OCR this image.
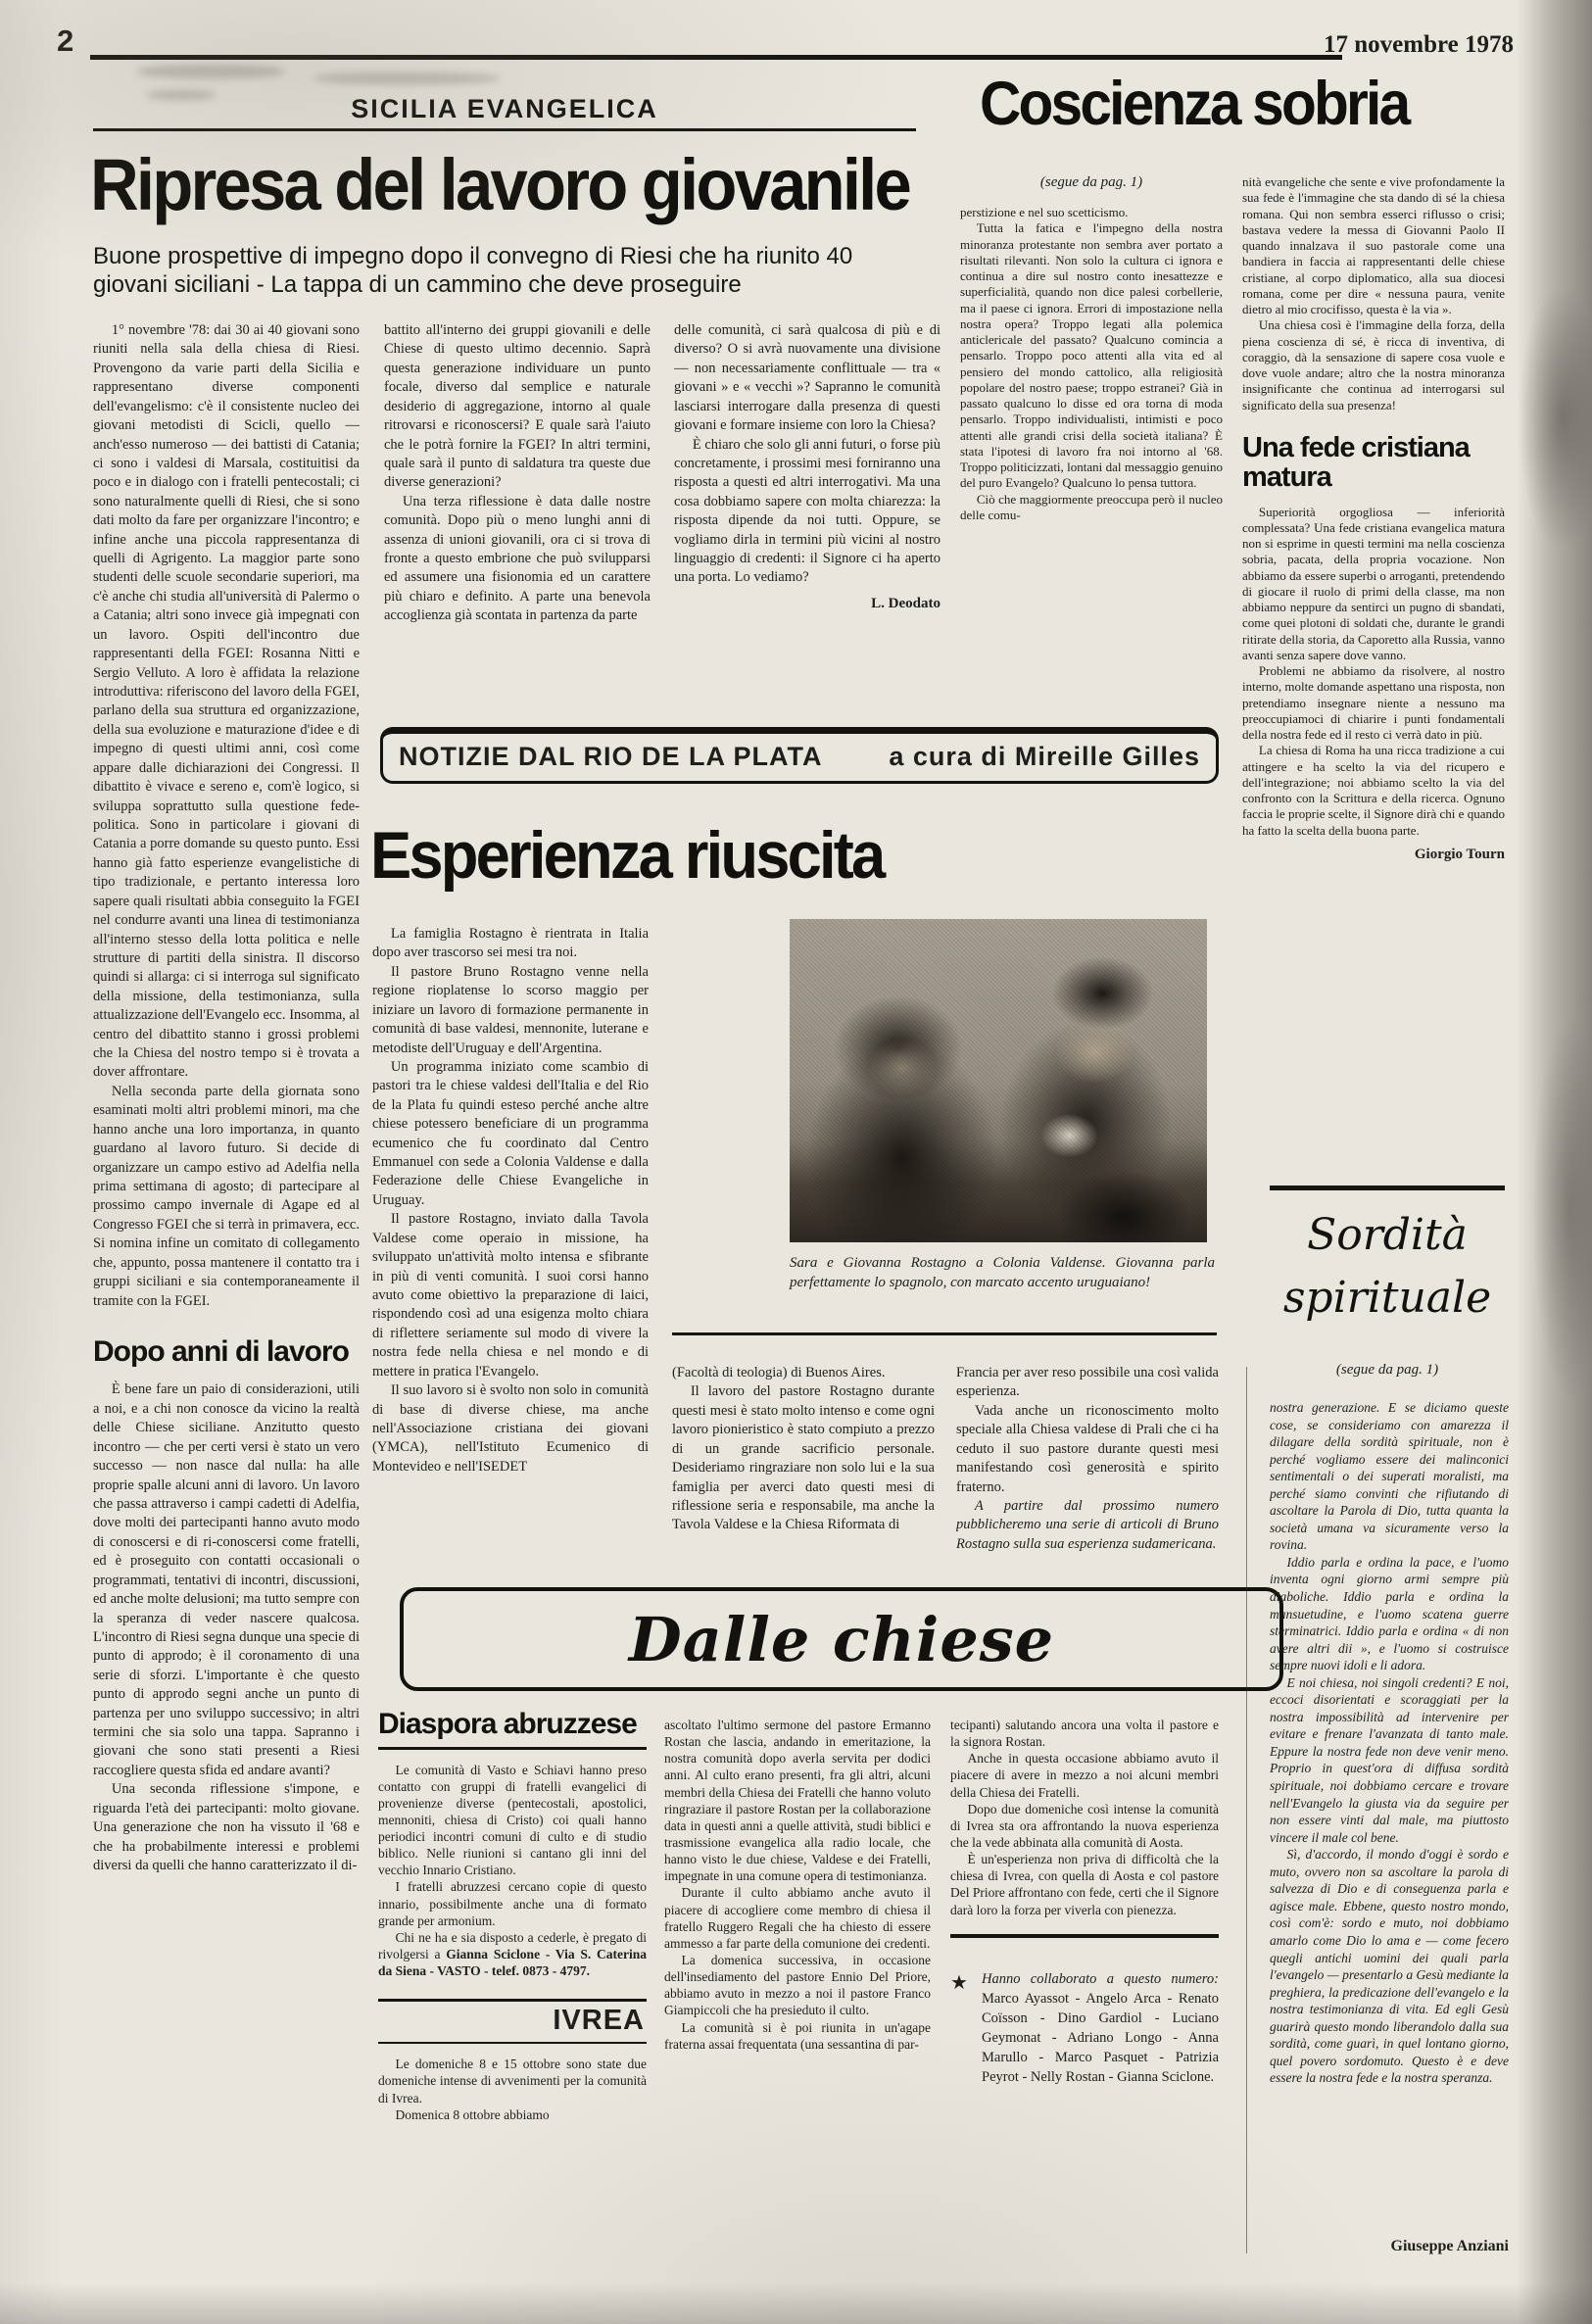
2	17 novembre 1978
SICILIA EVANGELICA
Ripresa del lavoro giovanile
Buone prospettive di impegno dopo il convegno di Riesi che ha riunito 40 giovani siciliani - La tappa di un cammino che deve proseguire

1° novembre '78: dai 30 ai 40 giovani sono riuniti nella sala della chiesa di Riesi. Provengono da varie parti della Sicilia e rappresentano diverse componenti dell'evangelismo: c'è il consistente nucleo dei giovani metodisti di Scicli, quello — anch'esso numeroso — dei battisti di Catania; ci sono i valdesi di Marsala, costituitisi da poco e in dialogo con i fratelli pentecostali; ci sono naturalmente quelli di Riesi, che si sono dati molto da fare per organizzare l'incontro; e infine anche una piccola rappresentanza di quelli di Agrigento. La maggior parte sono studenti delle scuole secondarie superiori, ma c'è anche chi studia all'università di Palermo o a Catania; altri sono invece già impegnati con un lavoro. Ospiti dell'incontro due rappresentanti della FGEI: Rosanna Nitti e Sergio Velluto. A loro è affidata la relazione introduttiva: riferiscono del lavoro della FGEI, parlano della sua struttura ed organizzazione, della sua evoluzione e maturazione d'idee e di impegno di questi ultimi anni, così come appare dalle dichiarazioni dei Congressi. Il dibattito è vivace e sereno e, com'è logico, si sviluppa soprattutto sulla questione fede-politica. Sono in particolare i giovani di Catania a porre domande su questo punto. Essi hanno già fatto esperienze evangelistiche di tipo tradizionale, e pertanto interessa loro sapere quali risultati abbia conseguito la FGEI nel condurre avanti una linea di testimonianza all'interno stesso della lotta politica e nelle strutture di partiti della sinistra. Il discorso quindi si allarga: ci si interroga sul significato della missione, della testimonianza, sulla attualizzazione dell'Evangelo ecc. Insomma, al centro del dibattito stanno i grossi problemi che la Chiesa del nostro tempo si è trovata a dover affrontare.

Nella seconda parte della giornata sono esaminati molti altri problemi minori, ma che hanno anche una loro importanza, in quanto guardano al lavoro futuro. Si decide di organizzare un campo estivo ad Adelfia nella prima settimana di agosto; di partecipare al prossimo campo invernale di Agape ed al Congresso FGEI che si terrà in primavera, ecc. Si nomina infine un comitato di collegamento che, appunto, possa mantenere il contatto tra i gruppi siciliani e sia contemporaneamente il tramite con la FGEI.

Dopo anni di lavoro

È bene fare un paio di considerazioni, utili a noi, e a chi non conosce da vicino la realtà delle Chiese siciliane. Anzitutto questo incontro — che per certi versi è stato un vero successo — non nasce dal nulla: ha alle proprie spalle alcuni anni di lavoro. Un lavoro che passa attraverso i campi cadetti di Adelfia, dove molti dei partecipanti hanno avuto modo di conoscersi e di ri-conoscersi come fratelli, ed è proseguito con contatti occasionali o programmati, tentativi di incontri, discussioni, ed anche molte delusioni; ma tutto sempre con la speranza di veder nascere qualcosa. L'incontro di Riesi segna dunque una specie di punto di approdo; è il coronamento di una serie di sforzi. L'importante è che questo punto di approdo segni anche un punto di partenza per uno sviluppo successivo; in altri termini che sia solo una tappa. Sapranno i giovani che sono stati presenti a Riesi raccogliere questa sfida ed andare avanti?

Una seconda riflessione s'impone, e riguarda l'età dei partecipanti: molto giovane. Una generazione che non ha vissuto il '68 e che ha probabilmente interessi e problemi diversi da quelli che hanno caratterizzato il di-

battito all'interno dei gruppi giovanili e delle Chiese di questo ultimo decennio. Saprà questa generazione individuare un punto focale, diverso dal semplice e naturale desiderio di aggregazione, intorno al quale ritrovarsi e riconoscersi? E quale sarà l'aiuto che le potrà fornire la FGEI? In altri termini, quale sarà il punto di saldatura tra queste due diverse generazioni?

Una terza riflessione è data dalle nostre comunità. Dopo più o meno lunghi anni di assenza di unioni giovanili, ora ci si trova di fronte a questo embrione che può svilupparsi ed assumere una fisionomia ed un carattere più chiaro e definito. A parte una benevola accoglienza già scontata in partenza da parte

delle comunità, ci sarà qualcosa di più e di diverso? O si avrà nuovamente una divisione — non necessariamente conflittuale — tra « giovani » e « vecchi »? Sapranno le comunità lasciarsi interrogare dalla presenza di questi giovani e formare insieme con loro la Chiesa?

È chiaro che solo gli anni futuri, o forse più concretamente, i prossimi mesi forniranno una risposta a questi ed altri interrogativi. Ma una cosa dobbiamo sapere con molta chiarezza: la risposta dipende da noi tutti. Oppure, se vogliamo dirla in termini più vicini al nostro linguaggio di credenti: il Signore ci ha aperto una porta. Lo vediamo?

L. Deodato
Coscienza sobria
(segue da pag. 1)

perstizione e nel suo scetticismo.

Tutta la fatica e l'impegno della nostra minoranza protestante non sembra aver portato a risultati rilevanti. Non solo la cultura ci ignora e continua a dire sul nostro conto inesattezze e superficialità, quando non dice palesi corbellerie, ma il paese ci ignora. Errori di impostazione nella nostra opera? Troppo legati alla polemica anticlericale del passato? Qualcuno comincia a pensarlo. Troppo poco attenti alla vita ed al pensiero del mondo cattolico, alla religiosità popolare del nostro paese; troppo estranei? Già in passato qualcuno lo disse ed ora torna di moda pensarlo. Troppo individualisti, intimisti e poco attenti alle grandi crisi della società italiana? È stata l'ipotesi di lavoro fra noi intorno al '68. Troppo politicizzati, lontani dal messaggio genuino del puro Evangelo? Qualcuno lo pensa tuttora.

Ciò che maggiormente preoccupa però il nucleo delle comu-

nità evangeliche che sente e vive profondamente la sua fede è l'immagine che sta dando di sé la chiesa romana. Qui non sembra esserci riflusso o crisi; bastava vedere la messa di Giovanni Paolo II quando innalzava il suo pastorale come una bandiera in faccia ai rappresentanti delle chiese cristiane, al corpo diplomatico, alla sua diocesi romana, come per dire « nessuna paura, venite dietro al mio crocifisso, questa è la via ».

Una chiesa così è l'immagine della forza, della piena coscienza di sé, è ricca di inventiva, di coraggio, dà la sensazione di sapere cosa vuole e dove vuole andare; altro che la nostra minoranza insignificante che continua ad interrogarsi sul significato della sua presenza!

Una fede cristiana matura

Superiorità orgogliosa — inferiorità complessata? Una fede cristiana evangelica matura non si esprime in questi termini ma nella coscienza sobria, pacata, della propria vocazione. Non abbiamo da essere superbi o arroganti, pretendendo di giocare il ruolo di primi della classe, ma non abbiamo neppure da sentirci un pugno di sbandati, come quei plotoni di soldati che, durante le grandi ritirate della storia, da Caporetto alla Russia, vanno avanti senza sapere dove vanno.

Problemi ne abbiamo da risolvere, al nostro interno, molte domande aspettano una risposta, non pretendiamo insegnare niente a nessuno ma preoccupiamoci di chiarire i punti fondamentali della nostra fede ed il resto ci verrà dato in più.

La chiesa di Roma ha una ricca tradizione a cui attingere e ha scelto la via del ricupero e dell'integrazione; noi abbiamo scelto la via del confronto con la Scrittura e della ricerca. Ognuno faccia le proprie scelte, il Signore dirà chi e quando ha fatto la scelta della buona parte.

Giorgio Tourn
NOTIZIE DAL RIO DE LA PLATA	a cura di Mireille Gilles
Esperienza riuscita

La famiglia Rostagno è rientrata in Italia dopo aver trascorso sei mesi tra noi.

Il pastore Bruno Rostagno venne nella regione rioplatense lo scorso maggio per iniziare un lavoro di formazione permanente in comunità di base valdesi, mennonite, luterane e metodiste dell'Uruguay e dell'Argentina.

Un programma iniziato come scambio di pastori tra le chiese valdesi dell'Italia e del Rio de la Plata fu quindi esteso perché anche altre chiese potessero beneficiare di un programma ecumenico che fu coordinato dal Centro Emmanuel con sede a Colonia Valdense e dalla Federazione delle Chiese Evangeliche in Uruguay.

Il pastore Rostagno, inviato dalla Tavola Valdese come operaio in missione, ha sviluppato un'attività molto intensa e sfibrante in più di venti comunità. I suoi corsi hanno avuto come obiettivo la preparazione di laici, rispondendo così ad una esigenza molto chiara di riflettere seriamente sul modo di vivere la nostra fede nella chiesa e nel mondo e di mettere in pratica l'Evangelo.

Il suo lavoro si è svolto non solo in comunità di base di diverse chiese, ma anche nell'Associazione cristiana dei giovani (YMCA), nell'Istituto Ecumenico di Montevideo e nell'ISEDET

Sara e Giovanna Rostagno a Colonia Valdense. Giovanna parla perfettamente lo spagnolo, con marcato accento uruguaiano!

(Facoltà di teologia) di Buenos Aires.

Il lavoro del pastore Rostagno durante questi mesi è stato molto intenso e come ogni lavoro pionieristico è stato compiuto a prezzo di un grande sacrificio personale. Desideriamo ringraziare non solo lui e la sua famiglia per averci dato questi mesi di riflessione seria e responsabile, ma anche la Tavola Valdese e la Chiesa Riformata di

Francia per aver reso possibile una così valida esperienza.

Vada anche un riconoscimento molto speciale alla Chiesa valdese di Prali che ci ha ceduto il suo pastore durante questi mesi manifestando così generosità e spirito fraterno.

A partire dal prossimo numero pubblicheremo una serie di articoli di Bruno Rostagno sulla sua esperienza sudamericana.

Dalle chiese
Diaspora abruzzese

Le comunità di Vasto e Schiavi hanno preso contatto con gruppi di fratelli evangelici di provenienze diverse (pentecostali, apostolici, mennoniti, chiesa di Cristo) coi quali hanno periodici incontri comuni di culto e di studio biblico. Nelle riunioni si cantano gli inni del vecchio Innario Cristiano.

I fratelli abruzzesi cercano copie di questo innario, possibilmente anche una di formato grande per armonium.

Chi ne ha e sia disposto a cederle, è pregato di rivolgersi a Gianna Sciclone - Via S. Caterina da Siena - VASTO - telef. 0873 - 4797.

IVREA

Le domeniche 8 e 15 ottobre sono state due domeniche intense di avvenimenti per la comunità di Ivrea.

Domenica 8 ottobre abbiamo

ascoltato l'ultimo sermone del pastore Ermanno Rostan che lascia, andando in emeritazione, la nostra comunità dopo averla servita per dodici anni. Al culto erano presenti, fra gli altri, alcuni membri della Chiesa dei Fratelli che hanno voluto ringraziare il pastore Rostan per la collaborazione data in questi anni a quelle attività, studi biblici e trasmissione evangelica alla radio locale, che hanno visto le due chiese, Valdese e dei Fratelli, impegnate in una comune opera di testimonianza.

Durante il culto abbiamo anche avuto il piacere di accogliere come membro di chiesa il fratello Ruggero Regali che ha chiesto di essere ammesso a far parte della comunione dei credenti.

La domenica successiva, in occasione dell'insediamento del pastore Ennio Del Priore, abbiamo avuto in mezzo a noi il pastore Franco Giampiccoli che ha presieduto il culto.

La comunità si è poi riunita in un'agape fraterna assai frequentata (una sessantina di par-

tecipanti) salutando ancora una volta il pastore e la signora Rostan.

Anche in questa occasione abbiamo avuto il piacere di avere in mezzo a noi alcuni membri della Chiesa dei Fratelli.

Dopo due domeniche così intense la comunità di Ivrea sta ora affrontando la nuova esperienza che la vede abbinata alla comunità di Aosta.

È un'esperienza non priva di difficoltà che la chiesa di Ivrea, con quella di Aosta e col pastore Del Priore affrontano con fede, certi che il Signore darà loro la forza per viverla con pienezza.

★ Hanno collaborato a questo numero: Marco Ayassot - Angelo Arca - Renato Coïsson - Dino Gardiol - Luciano Geymonat - Adriano Longo - Anna Marullo - Marco Pasquet - Patrizia Peyrot - Nelly Rostan - Gianna Sciclone.
Sordità
spirituale
(segue da pag. 1)

nostra generazione. E se diciamo queste cose, se consideriamo con amarezza il dilagare della sordità spirituale, non è perché vogliamo essere dei malinconici sentimentali o dei superati moralisti, ma perché siamo convinti che rifiutando di ascoltare la Parola di Dio, tutta quanta la società umana va sicuramente verso la rovina.

Iddio parla e ordina la pace, e l'uomo inventa ogni giorno armi sempre più diaboliche. Iddio parla e ordina la mansuetudine, e l'uomo scatena guerre sterminatrici. Iddio parla e ordina « di non avere altri dii », e l'uomo si costruisce sempre nuovi idoli e li adora.

E noi chiesa, noi singoli credenti? E noi, eccoci disorientati e scoraggiati per la nostra impossibilità ad intervenire per evitare e frenare l'avanzata di tanto male. Eppure la nostra fede non deve venir meno. Proprio in quest'ora di diffusa sordità spirituale, noi dobbiamo cercare e trovare nell'Evangelo la giusta via da seguire per non essere vinti dal male, ma piuttosto vincere il male col bene.

Sì, d'accordo, il mondo d'oggi è sordo e muto, ovvero non sa ascoltare la parola di salvezza di Dio e di conseguenza parla e agisce male. Ebbene, questo nostro mondo, così com'è: sordo e muto, noi dobbiamo amarlo come Dio lo ama e — come fecero quegli antichi uomini dei quali parla l'evangelo — presentarlo a Gesù mediante la preghiera, la predicazione dell'evangelo e la nostra testimonianza di vita. Ed egli Gesù guarirà questo mondo liberandolo dalla sua sordità, come guarì, in quel lontano giorno, quel povero sordomuto. Questo è e deve essere la nostra fede e la nostra speranza.

Giuseppe Anziani
